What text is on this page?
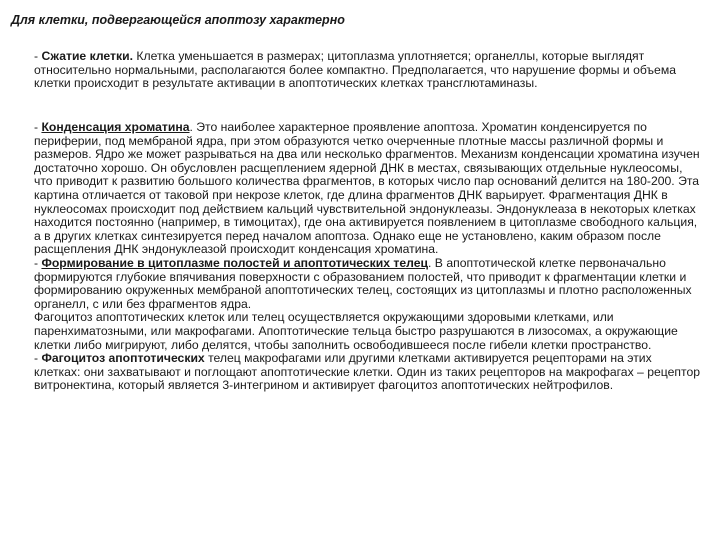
Для клетки, подвергающейся апоптозу характерно

- Сжатие клетки. Клетка уменьшается в размерах; цитоплазма уплотняется; органеллы, которые выглядят относительно нормальными, располагаются более компактно. Предполагается, что нарушение формы и объема клетки происходит в результате активации в апоптотических клетках трансглютаминазы.

- Конденсация хроматина. Это наиболее характерное проявление апоптоза. Хроматин конденсируется по периферии, под мембраной ядра, при этом образуются четко очерченные плотные массы различной формы и размеров. Ядро же может разрываться на два или несколько фрагментов. Механизм конденсации хроматина изучен достаточно хорошо. Он обусловлен расщеплением ядерной ДНК в местах, связывающих отдельные нуклеосомы, что приводит к развитию большого количества фрагментов, в которых число пар оснований делится на 180-200. Эта картина отличается от таковой при некрозе клеток, где длина фрагментов ДНК варьирует. Фрагментация ДНК в нуклеосомах происходит под действием кальций чувствительной эндонуклеазы. Эндонуклеаза в некоторых клетках находится постоянно (например, в тимоцитах), где она активируется появлением в цитоплазме свободного кальция, а в других клетках синтезируется перед началом апоптоза. Однако еще не установлено, каким образом после расщепления ДНК эндонуклеазой происходит конденсация хроматина.

- Формирование в цитоплазме полостей и апоптотических телец. В апоптотической клетке первоначально формируются глубокие впячивания поверхности с образованием полостей, что приводит к фрагментации клетки и формированию окруженных мембраной апоптотических телец, состоящих из цитоплазмы и плотно расположенных органелл, с или без фрагментов ядра.

Фагоцитоз апоптотических клеток или телец осуществляется окружающими здоровыми клетками, или паренхиматозными, или макрофагами. Апоптотические тельца быстро разрушаются в лизосомах, а окружающие клетки либо мигрируют, либо делятся, чтобы заполнить освободившееся после гибели клетки пространство.

- Фагоцитоз апоптотических телец макрофагами или другими клетками активируется рецепторами на этих клетках: они захватывают и поглощают апоптотические клетки. Один из таких рецепторов на макрофагах – рецептор витронектина, который является 3-интегрином и активирует фагоцитоз апоптотических нейтрофилов.
